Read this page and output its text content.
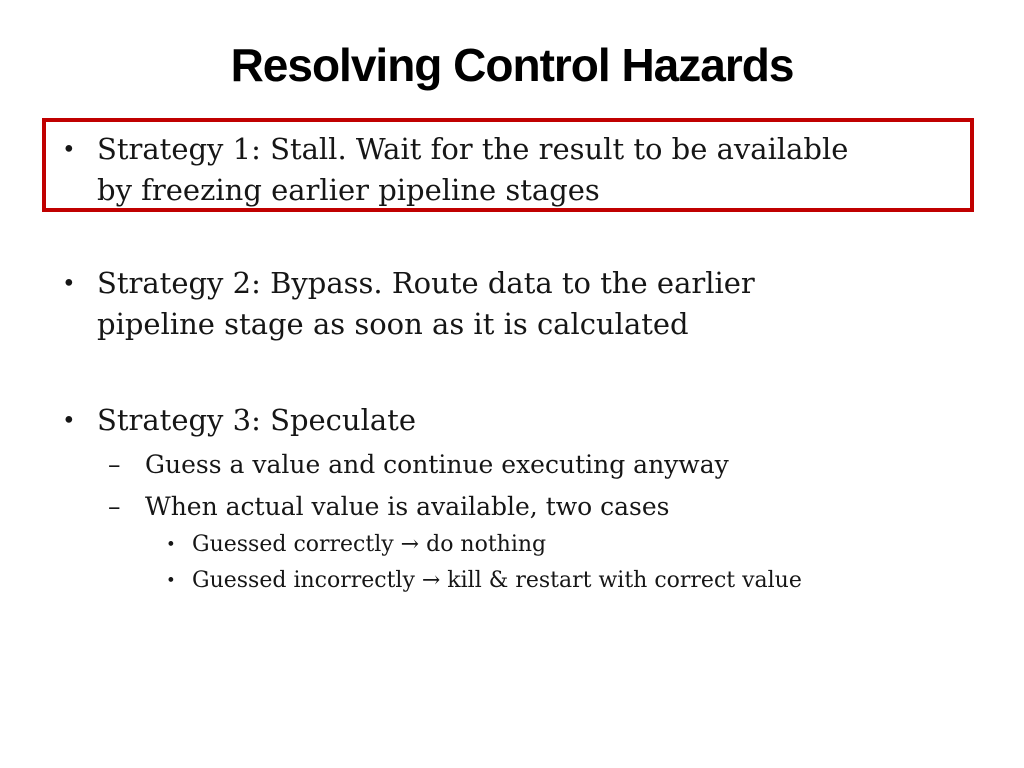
Resolving Control Hazards
• Strategy 1: Stall. Wait for the result to be available
by freezing earlier pipeline stages
• Strategy 2: Bypass. Route data to the earlier
pipeline stage as soon as it is calculated
• Strategy 3: Speculate
– Guess a value and continue executing anyway
– When actual value is available, two cases
• Guessed correctly → do nothing
• Guessed incorrectly → kill & restart with correct value
